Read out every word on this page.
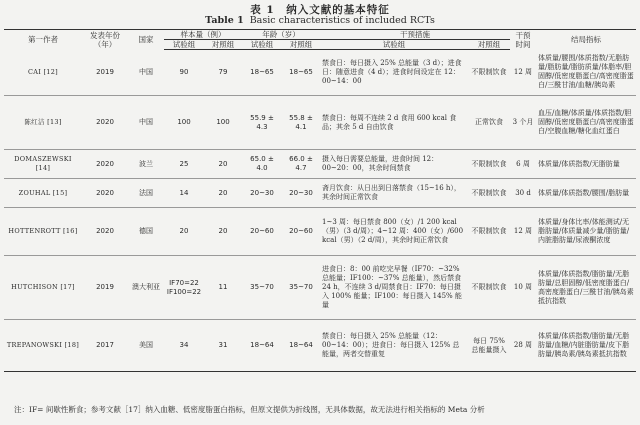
表 1　纳入文献的基本特征
Table 1 Basic characteristics of included RCTs
第一作者	发表年份（年）	国家	样本量（例）		年龄（岁）		干预措施		干预时间	结局指标
			试验组	对照组	试验组	对照组	试验组	对照组		
CAI [12]	2019	中国	90	79	18~65	18~65	禁食日：每日摄入 25% 总能量（3 d）；进食日：随意进食（4 d）；进食时间设定在 12：00~14：00	不限制饮食	12 周	体质量/腰围/体质指数/无脂肪量/脂肪量/脂肪质量/体脂率/胆固醇/低密度脂蛋白/高密度脂蛋白/三酰甘油/血糖/胰岛素
陈红洁 [13]	2020	中国	100	100	55.9 ± 4.3	55.8 ± 4.1	禁食日：每周不连续 2 d 食用 600 kcal 食品；其余 5 d 自由饮食	正常饮食	3 个月	血压/血糖/体质量/体质指数/胆固醇/低密度脂蛋白/高密度脂蛋白/空腹血糖/糖化血红蛋白
DOMASZEWSKI [14]	2020	波兰	25	20	65.0 ± 4.0	66.0 ± 4.7	摄入每日需要总能量，进食时间 12：00~20：00，其余时间禁食	不限制饮食	6 周	体质量/体质指数/无脂肪量
ZOUHAL [15]	2020	法国	14	20	20~30	20~30	斋月饮食：从日出到日落禁食（15~16 h），其余时间正常饮食	不限制饮食	30 d	体质量/体质指数/腰围/脂肪量
HOTTENROTT [16]	2020	德国	20	20	20~60	20~60	1~3 周：每日禁食 800（女）/1 200 kcal（男）（3 d/周）；4~12 周：400（女）/600 kcal（男）（2 d/周），其余时间正常饮食	不限制饮食	12 周	体质量/身体比率/体能测试/无脂肪量/体质量减少量/脂肪量/内脏脂肪量/尿液酮浓度
HUTCHISON [17]	2019	澳大利亚	IF70=22 IF100=22	11	35~70	35~70	进食日：8：00 前吃完早餐（IF70：~32% 总能量；IF100：~37% 总能量），然后禁食 24 h，不连续 3 d/周禁食日：IF70：每日摄入 100% 能量；IF100：每日摄入 145% 能量	不限制饮食	10 周	体质量/体质指数/脂肪量/无脂肪量/总胆固醇/低密度脂蛋白/高密度脂蛋白/三酰甘油/胰岛素抵抗指数
TREPANOWSKI [18]	2017	美国	34	31	18~64	18~64	禁食日：每日摄入 25% 总能量（12：00~14：00）；进食日：每日摄入 125% 总能量，两者交替重复	每日 75% 总能量摄入	28 周	体质量/体质指数/脂肪量/无脂肪量/血糖/内脏脂肪量/皮下脂肪量/胰岛素/胰岛素抵抗指数
注：IF= 间歇性断食；参考文献［17］纳入血糖、低密度脂蛋白指标，但原文提供为折线图，无具体数据，故无法进行相关指标的 Meta 分析
